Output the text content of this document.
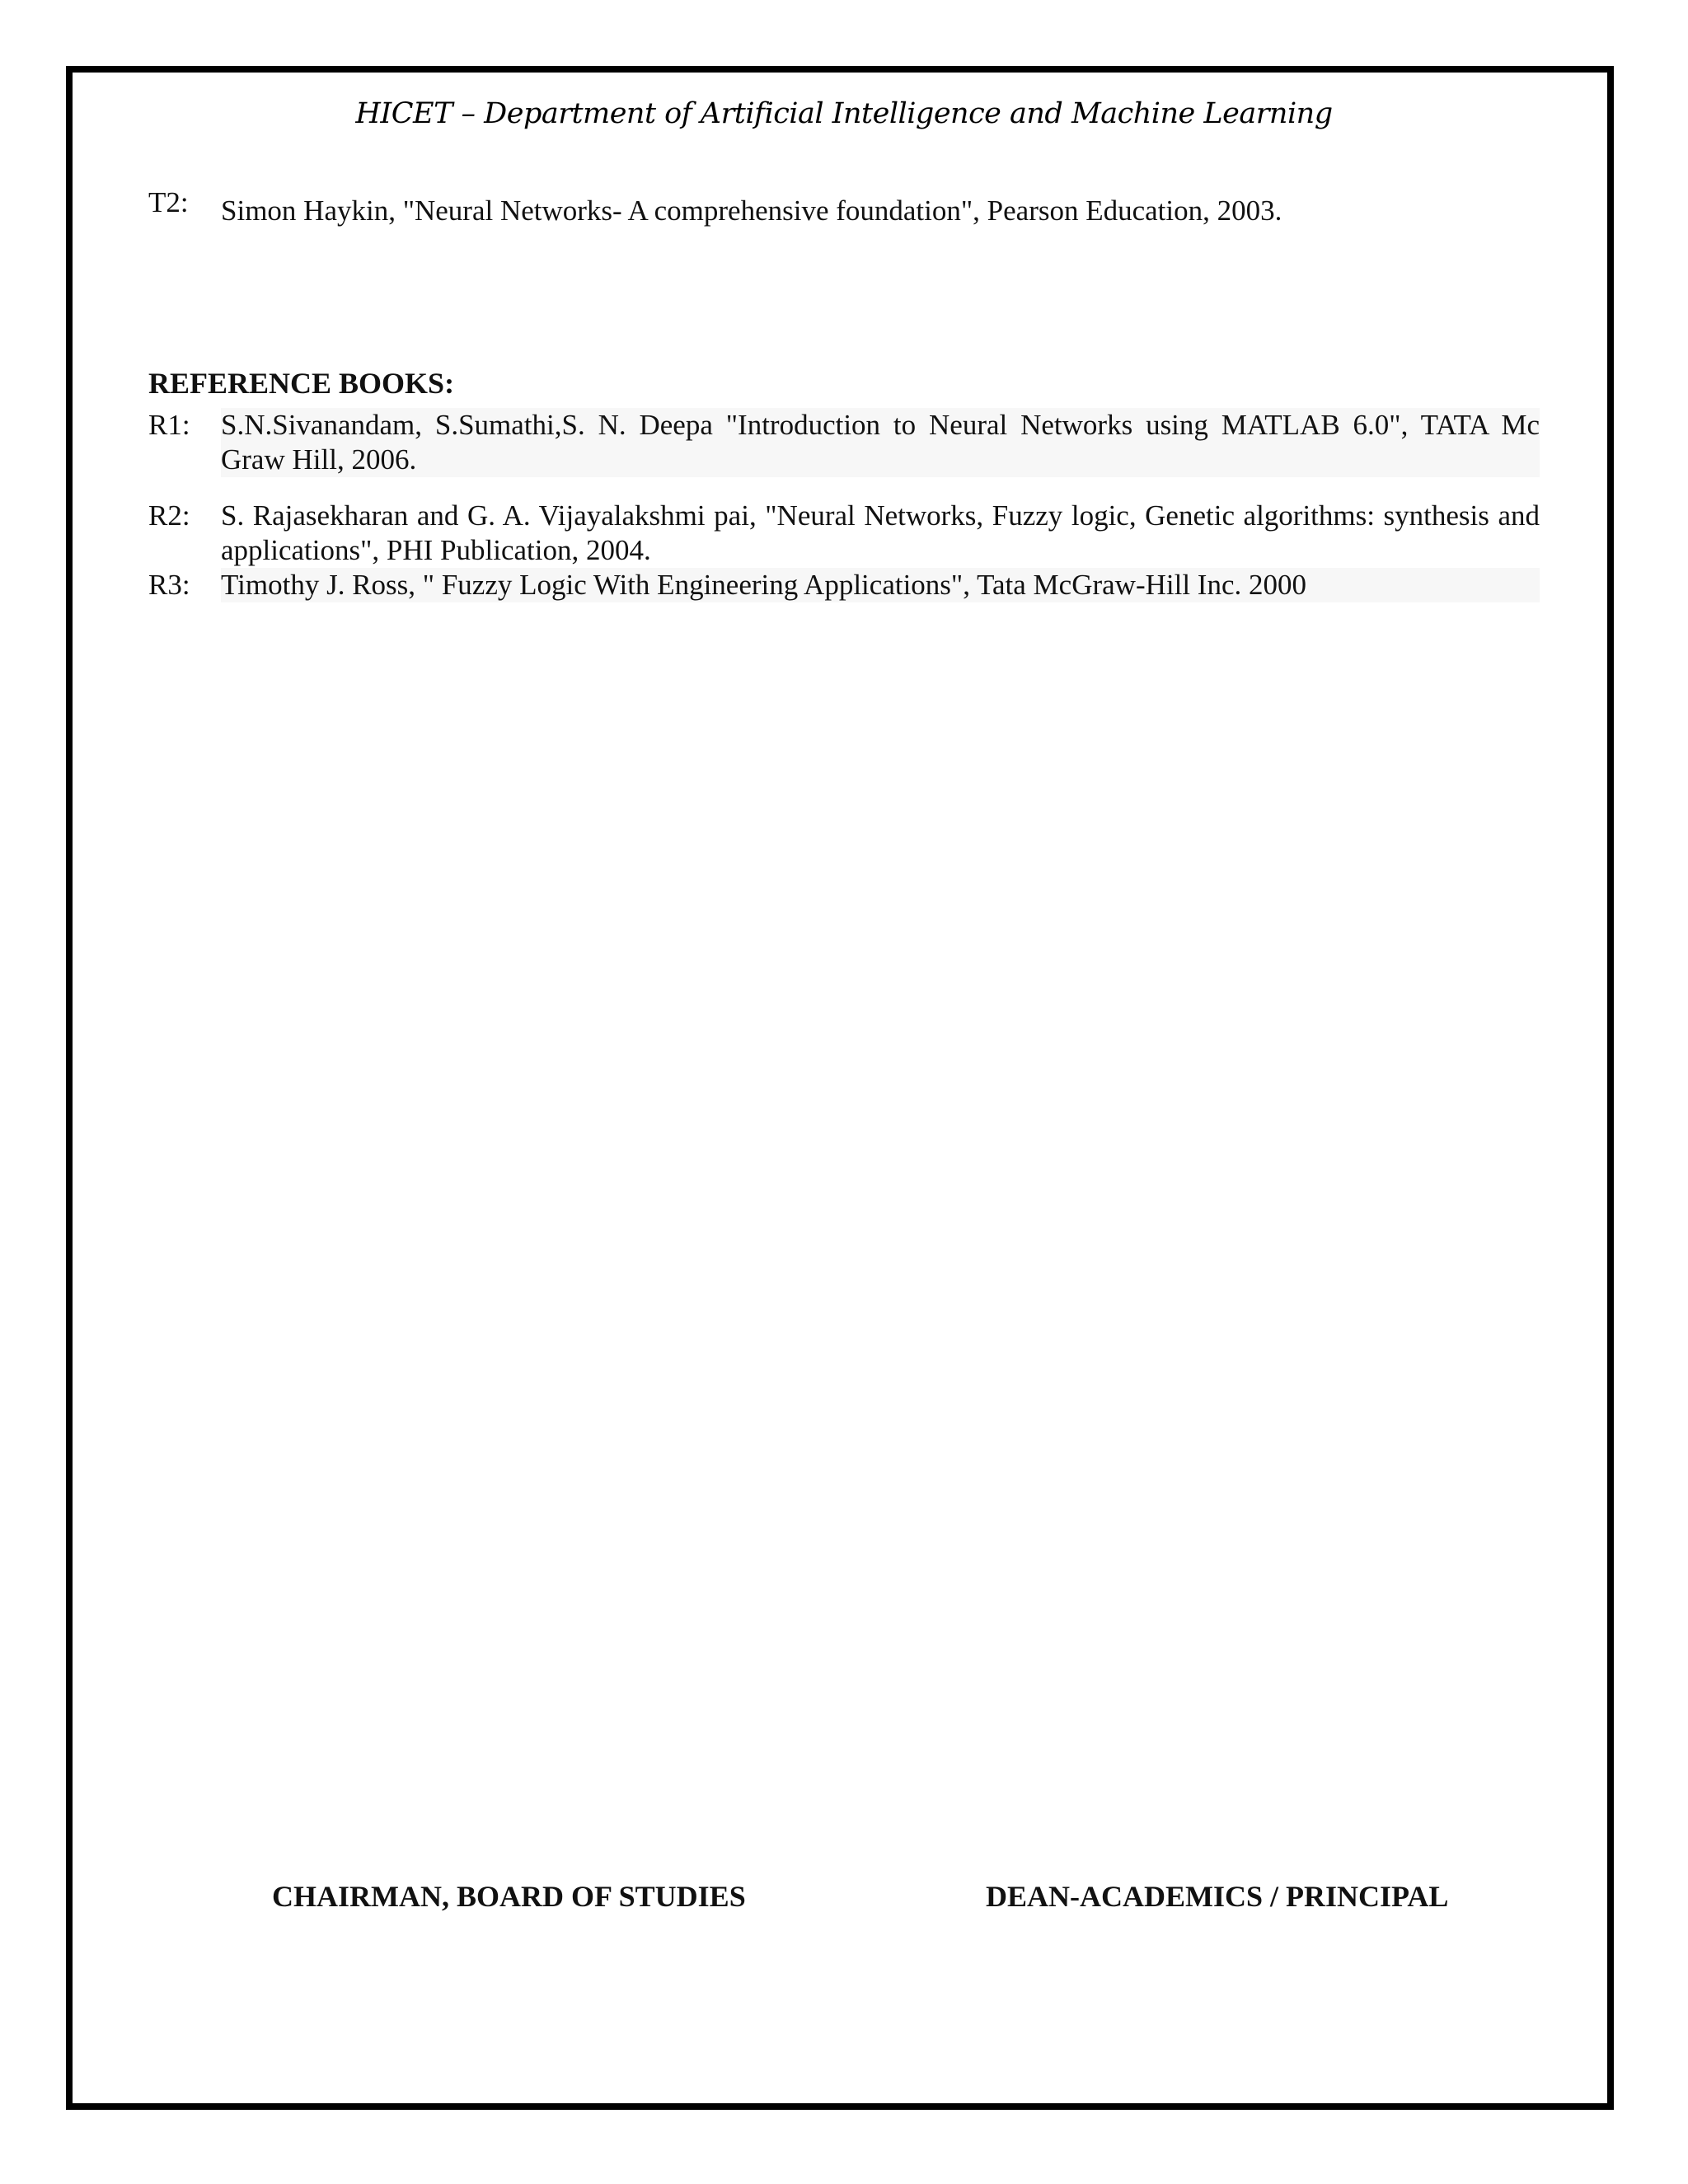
HICET – Department of Artificial Intelligence and Machine Learning
T2: Simon Haykin, "Neural Networks- A comprehensive foundation", Pearson Education, 2003.
REFERENCE BOOKS:
R1: S.N.Sivanandam, S.Sumathi,S. N. Deepa "Introduction to Neural Networks using MATLAB 6.0", TATA Mc Graw Hill, 2006.
R2: S. Rajasekharan and G. A. Vijayalakshmi pai, "Neural Networks, Fuzzy logic, Genetic algorithms: synthesis and applications", PHI Publication, 2004.
R3: Timothy J. Ross, " Fuzzy Logic With Engineering Applications", Tata McGraw-Hill Inc. 2000
CHAIRMAN, BOARD OF STUDIES	DEAN-ACADEMICS / PRINCIPAL
